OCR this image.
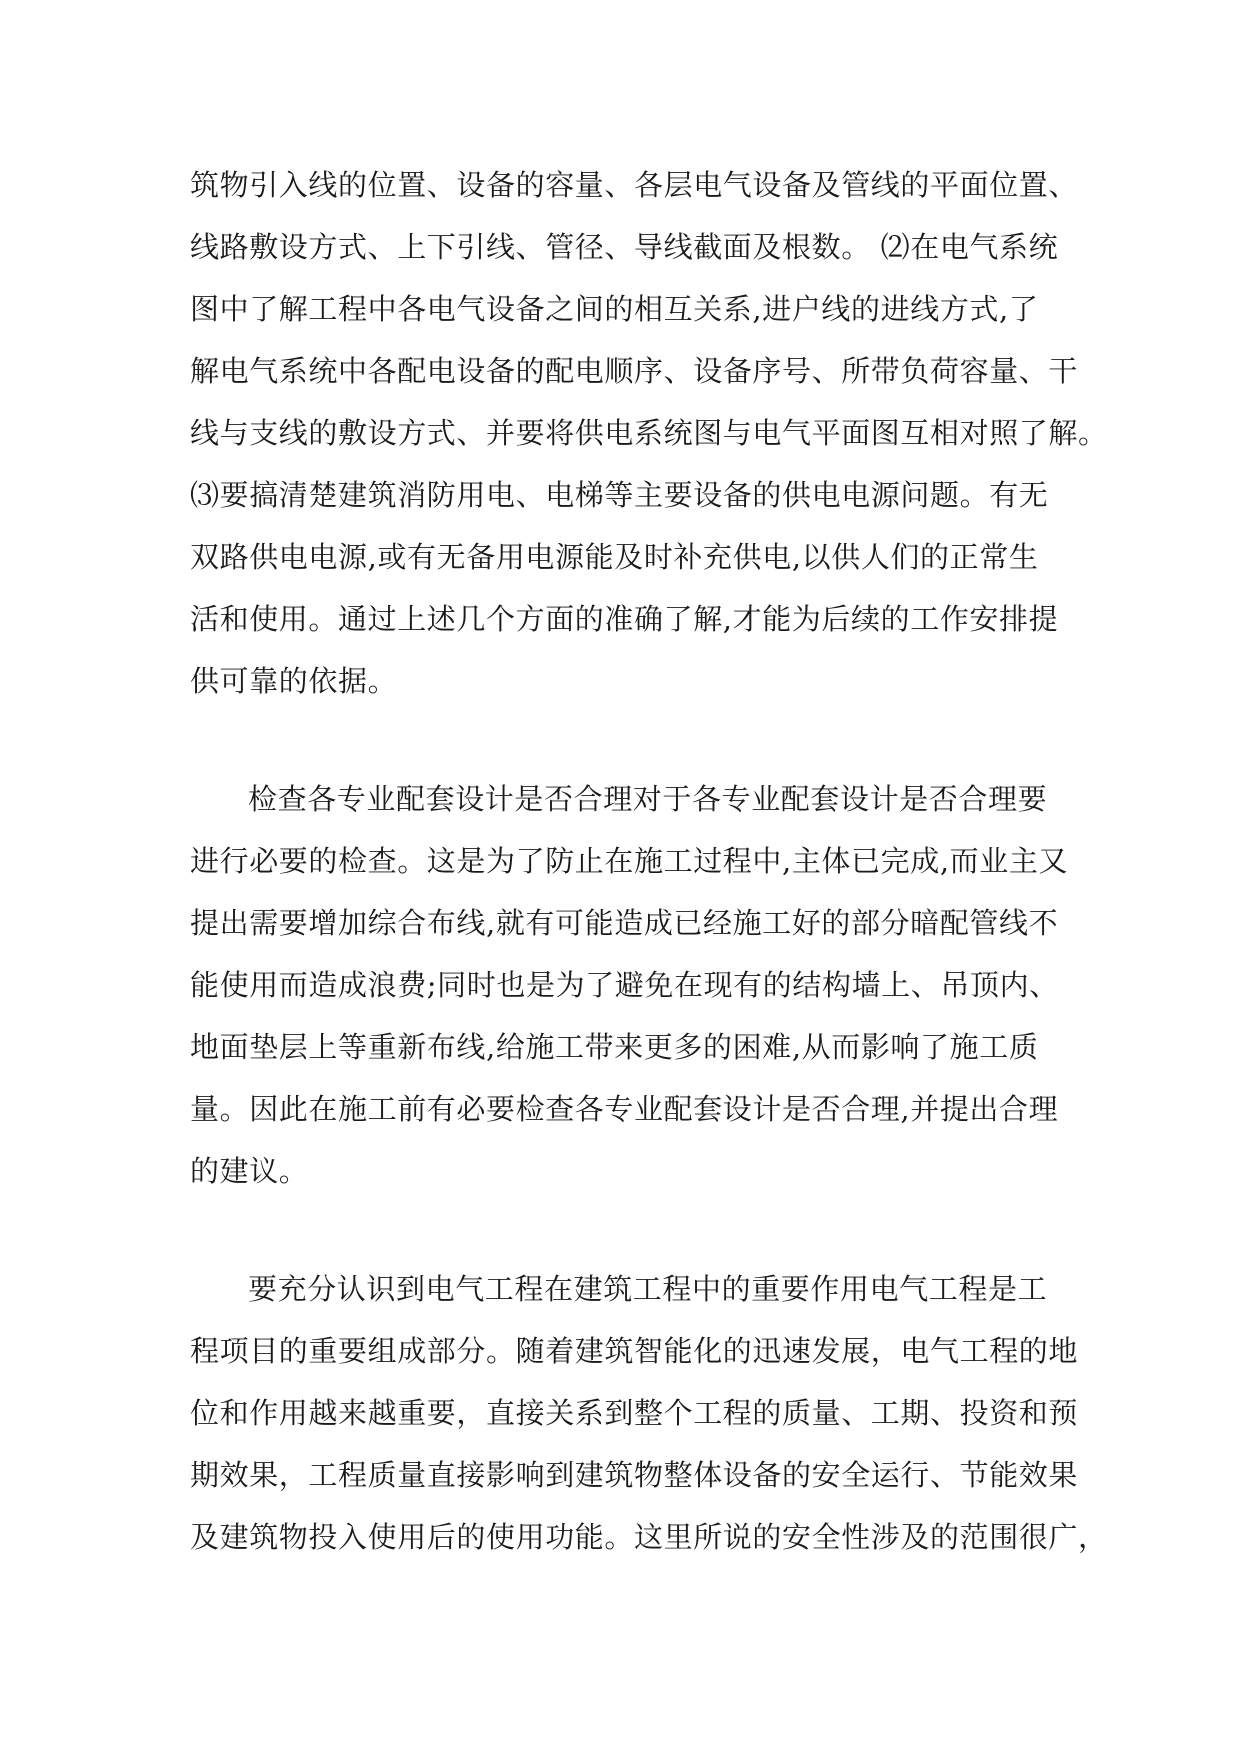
筑物引入线的位置、设备的容量、各层电气设备及管线的平面位置、
线路敷设方式、上下引线、管径、导线截面及根数。 ⑵在电气系统
图中了解工程中各电气设备之间的相互关系,进户线的进线方式,了
解电气系统中各配电设备的配电顺序、设备序号、所带负荷容量、干
线与支线的敷设方式、并要将供电系统图与电气平面图互相对照了解。
⑶要搞清楚建筑消防用电、电梯等主要设备的供电电源问题。有无
双路供电电源,或有无备用电源能及时补充供电,以供人们的正常生
活和使用。通过上述几个方面的准确了解,才能为后续的工作安排提
供可靠的依据。
检查各专业配套设计是否合理对于各专业配套设计是否合理要
进行必要的检查。这是为了防止在施工过程中,主体已完成,而业主又
提出需要增加综合布线,就有可能造成已经施工好的部分暗配管线不
能使用而造成浪费;同时也是为了避免在现有的结构墙上、吊顶内、
地面垫层上等重新布线,给施工带来更多的困难,从而影响了施工质
量。因此在施工前有必要检查各专业配套设计是否合理,并提出合理
的建议。
要充分认识到电气工程在建筑工程中的重要作用电气工程是工
程项目的重要组成部分。随着建筑智能化的迅速发展，电气工程的地
位和作用越来越重要，直接关系到整个工程的质量、工期、投资和预
期效果，工程质量直接影响到建筑物整体设备的安全运行、节能效果
及建筑物投入使用后的使用功能。这里所说的安全性涉及的范围很广，
